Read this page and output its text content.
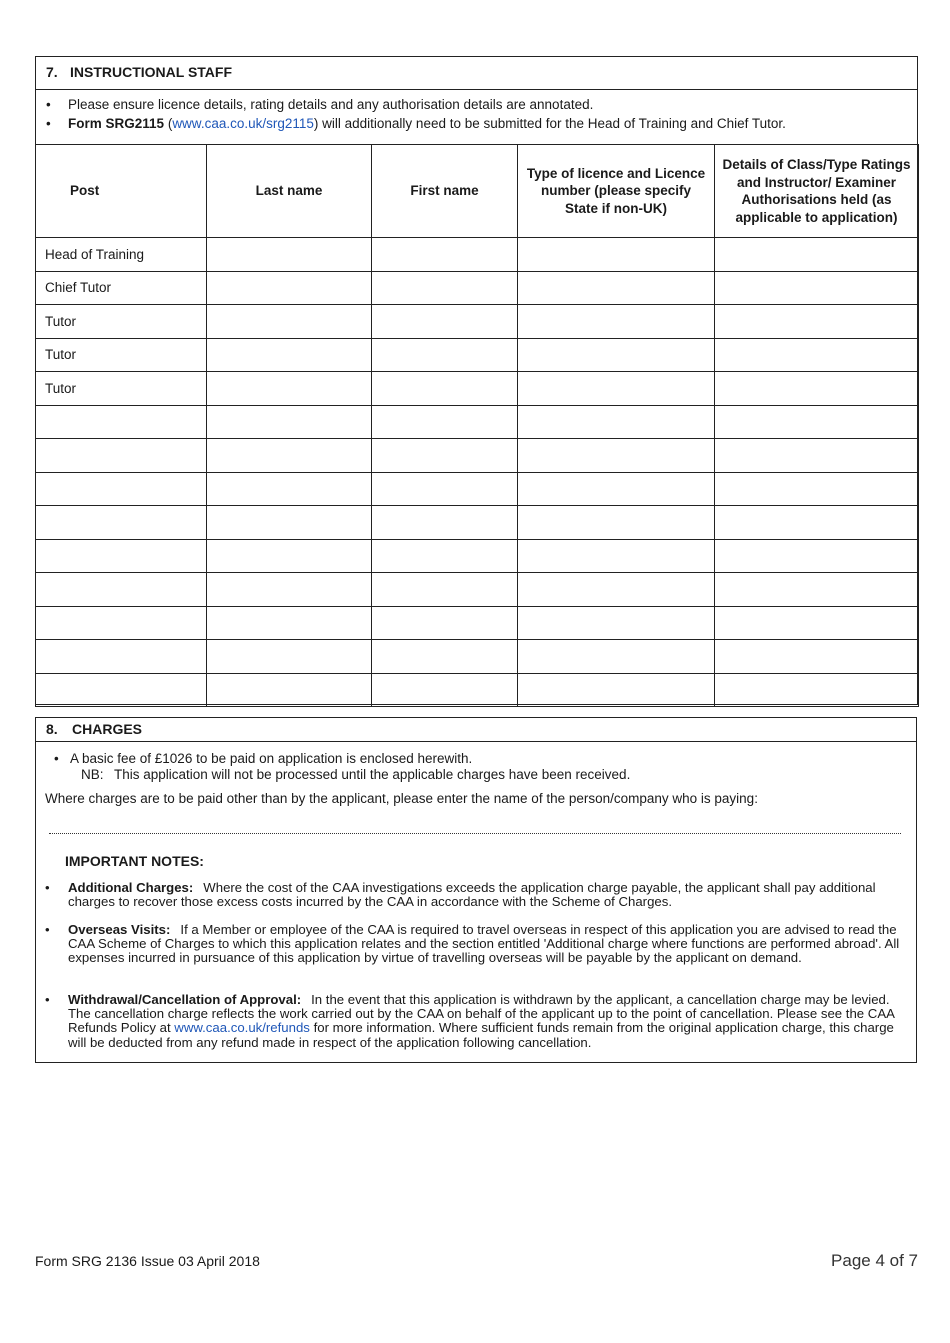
7. INSTRUCTIONAL STAFF
• Please ensure licence details, rating details and any authorisation details are annotated.
• Form SRG2115 (www.caa.co.uk/srg2115) will additionally need to be submitted for the Head of Training and Chief Tutor.
Post	Last name	First name	Type of licence and Licence number (please specify State if non-UK)	Details of Class/Type Ratings and Instructor/ Examiner Authorisations held (as applicable to application)
Head of Training				
Chief Tutor				
Tutor				
Tutor				
Tutor				

8. CHARGES
•   A basic fee of £1026 to be paid on application is enclosed herewith.
NB: This application will not be processed until the applicable charges have been received.
Where charges are to be paid other than by the applicant, please enter the name of the person/company who is paying:
IMPORTANT NOTES:
• Additional Charges: Where the cost of the CAA investigations exceeds the application charge payable, the applicant shall pay additional charges to recover those excess costs incurred by the CAA in accordance with the Scheme of Charges.
• Overseas Visits: If a Member or employee of the CAA is required to travel overseas in respect of this application you are advised to read the CAA Scheme of Charges to which this application relates and the section entitled 'Additional charge where functions are performed abroad'. All expenses incurred in pursuance of this application by virtue of travelling overseas will be payable by the applicant on demand.
• Withdrawal/Cancellation of Approval: In the event that this application is withdrawn by the applicant, a cancellation charge may be levied. The cancellation charge reflects the work carried out by the CAA on behalf of the applicant up to the point of cancellation. Please see the CAA Refunds Policy at www.caa.co.uk/refunds for more information. Where sufficient funds remain from the original application charge, this charge will be deducted from any refund made in respect of the application following cancellation.
Form SRG 2136 Issue 03 April 2018	Page 4 of 7
